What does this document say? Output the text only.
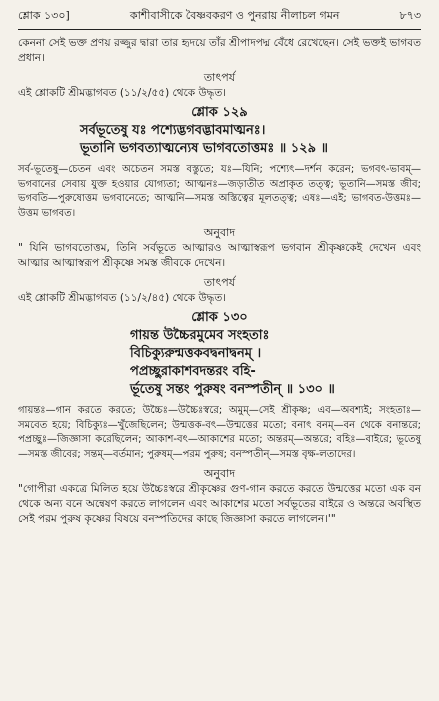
শ্লোক ১৩০]	কাশীবাসীকে বৈষ্ণবকরণ ও পুনরায় নীলাচল গমন	৮৭৩

কেননা সেই ভক্ত প্রণয় রজ্জুর দ্বারা তার হৃদয়ে তাঁর শ্রীপাদপদ্ম বেঁধে রেখেছেন। সেই ভক্তই ভাগবত প্রধান।

তাৎপর্য

এই শ্লোকটি শ্রীমদ্ভাগবত (১১/২/৫৫) থেকে উদ্ধৃত।

শ্লোক ১২৯
সর্বভূতেষু যঃ পশ্যেদ্ভগবদ্ভাবমাত্মনঃ।
ভূতানি ভগবত্যাত্মন্যেষ ভাগবতোত্তমঃ ॥ ১২৯ ॥

সর্ব-ভূতেষু—চেতন এবং অচেতন সমস্ত বস্তুতে; যঃ—যিনি; পশ্যেৎ—দর্শন করেন; ভগবৎ-ভাবম্—ভগবানের সেবায় যুক্ত হওয়ার যোগ্যতা; আত্মনঃ—জড়াতীত অপ্রাকৃত তত্ত্ব; ভূতানি—সমস্ত জীব; ভগবতি—পুরুষোত্তম ভগবানেতে; আত্মনি—সমস্ত অস্তিত্বের মূলতত্ত্ব; এষঃ—এই; ভাগবত-উত্তমঃ—উত্তম ভাগবত।

অনুবাদ

" যিনি ভাগবতোত্তম, তিনি সর্বভূতে আত্মারও আত্মাস্বরূপ ভগবান শ্রীকৃষ্ণকেই দেখেন এবং আত্মার আত্মাস্বরূপ শ্রীকৃষ্ণে সমস্ত জীবকে দেখেন।

তাৎপর্য

এই শ্লোকটি শ্রীমদ্ভাগবত (১১/২/৪৫) থেকে উদ্ধৃত।

শ্লোক ১৩০
গায়ন্ত উচ্চৈরমুমেব সংহতাঃ
বিচিক্যুরুন্মত্তকবদ্বনাদ্বনম্ ।
পপ্রচ্ছুরাকাশবদন্তরং বহি-
র্ভূতেষু সন্তং পুরুষং বনস্পতীন্ ॥ ১৩০ ॥

গায়ন্তঃ—গান করতে করতে; উচ্চৈঃ—উচ্চৈঃস্বরে; অমুম্—সেই শ্রীকৃষ্ণ; এব—অবশ্যই; সংহতাঃ—সমবেত হয়ে; বিচিক্যুঃ—খুঁজেছিলেন; উন্মত্তক-বৎ—উন্মত্তের মতো; বনাৎ বনম্—বন থেকে বনান্তরে; পপ্রচ্ছুঃ—জিজ্ঞাসা করেছিলেন; আকাশ-বৎ—আকাশের মতো; অন্তরম্—অন্তরে; বহিঃ—বাইরে; ভূতেষু—সমস্ত জীবের; সন্তম্—বর্তমান; পুরুষম্—পরম পুরুষ; বনস্পতীন্—সমস্ত বৃক্ষ-লতাদের।

অনুবাদ

"গোপীরা একত্রে মিলিত হয়ে উচ্চৈঃস্বরে শ্রীকৃষ্ণের গুণ-গান করতে করতে উন্মত্তের মতো এক বন থেকে অন্য বনে অন্বেষণ করতে লাগলেন এবং আকাশের মতো সর্বভূতের বাইরে ও অন্তরে অবস্থিত সেই পরম পুরুষ কৃষ্ণের বিষয়ে বনস্পতিদের কাছে জিজ্ঞাসা করতে লাগলেন।'"
